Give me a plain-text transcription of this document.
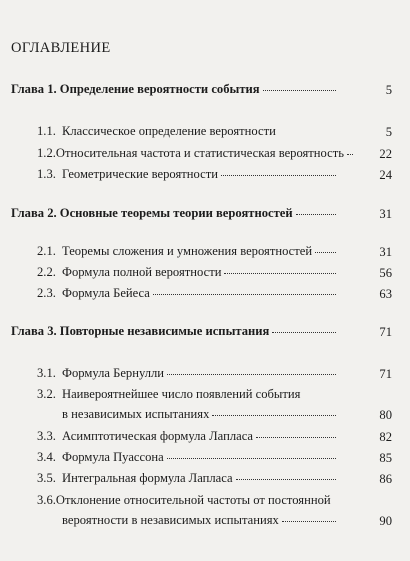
ОГЛАВЛЕНИЕ
Глава 1. Определение вероятности события	5
1.1. Классическое определение вероятности	5
1.2. Относительная частота и статистическая вероятность	22
1.3. Геометрические вероятности	24
Глава 2. Основные теоремы теории вероятностей	31
2.1. Теоремы сложения и умножения вероятностей	31
2.2. Формула полной вероятности	56
2.3. Формула Бейеса	63
Глава 3. Повторные независимые испытания	71
3.1. Формула Бернулли	71
3.2. Наивероятнейшее число появлений события
в независимых испытаниях	80
3.3. Асимптотическая формула Лапласа	82
3.4. Формула Пуассона	85
3.5. Интегральная формула Лапласа	86
3.6. Отклонение относительной частоты от постоянной
вероятности в независимых испытаниях	90
